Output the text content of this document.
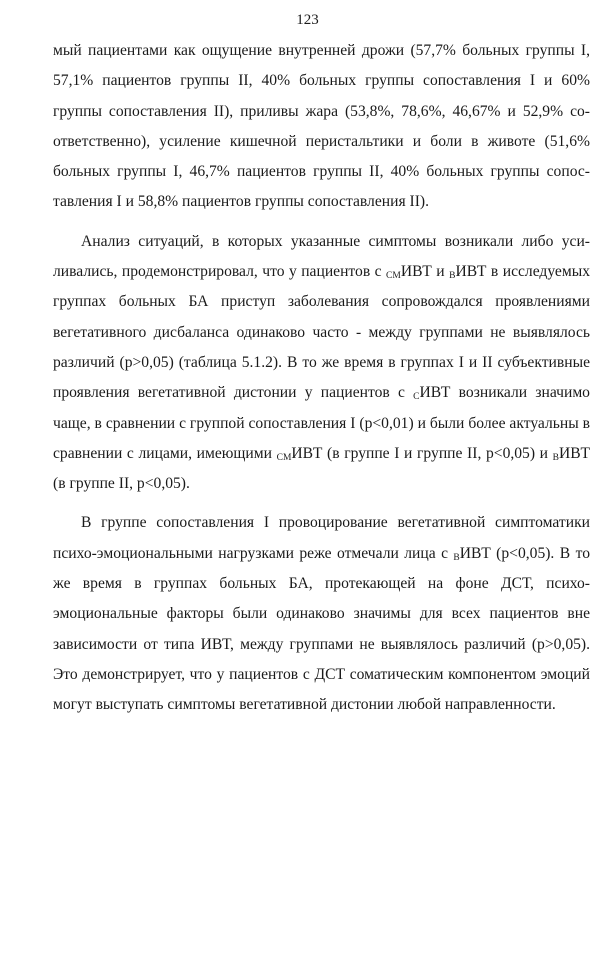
123

мый пациентами как ощущение внутренней дрожи (57,7% больных группы I, 57,1% пациентов группы II, 40% больных группы сопоставления I и 60% группы сопоставления II), приливы жара (53,8%, 78,6%, 46,67% и 52,9% соответственно), усиление кишечной перистальтики и боли в животе (51,6% больных группы I, 46,7% пациентов группы II, 40% больных группы сопоставления I и 58,8% пациентов группы сопоставления II).

Анализ ситуаций, в которых указанные симптомы возникали либо усиливались, продемонстрировал, что у пациентов с $_{СМ}$ИВТ и $_В$ИВТ в исследуемых группах больных БА приступ заболевания сопровождался проявлениями вегетативного дисбаланса одинаково часто - между группами не выявлялось различий (p>0,05) (таблица 5.1.2). В то же время в группах I и II субъективные проявления вегетативной дистонии у пациентов с $_С$ИВТ возникали значимо чаще, в сравнении с группой сопоставления I (p<0,01) и были более актуальны в сравнении с лицами, имеющими $_{СМ}$ИВТ (в группе I и группе II, p<0,05) и $_В$ИВТ (в группе II, p<0,05).

В группе сопоставления I провоцирование вегетативной симптоматики психо-эмоциональными нагрузками реже отмечали лица с $_В$ИВТ (p<0,05). В то же время в группах больных БА, протекающей на фоне ДСТ, психоэмоциональные факторы были одинаково значимы для всех пациентов вне зависимости от типа ИВТ, между группами не выявлялось различий (p>0,05). Это демонстрирует, что у пациентов с ДСТ соматическим компонентом эмоций могут выступать симптомы вегетативной дистонии любой направленности.
